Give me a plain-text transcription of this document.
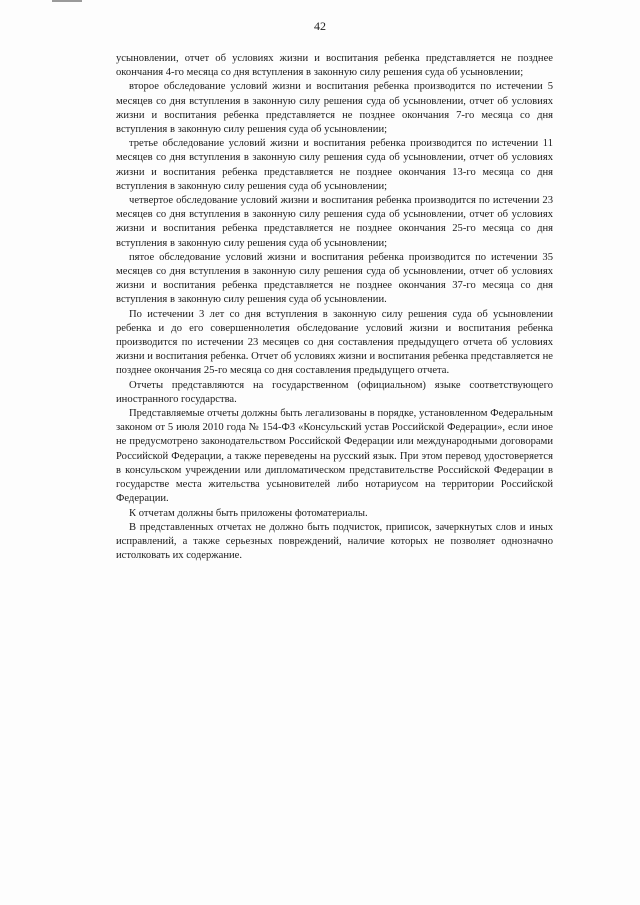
42

усыновлении, отчет об условиях жизни и воспитания ребенка представляется не позднее окончания 4-го месяца со дня вступления в законную силу решения суда об усыновлении;

второе обследование условий жизни и воспитания ребенка производится по истечении 5 месяцев со дня вступления в законную силу решения суда об усыновлении, отчет об условиях жизни и воспитания ребенка представляется не позднее окончания 7-го месяца со дня вступления в законную силу решения суда об усыновлении;

третье обследование условий жизни и воспитания ребенка производится по истечении 11 месяцев со дня вступления в законную силу решения суда об усыновлении, отчет об условиях жизни и воспитания ребенка представляется не позднее окончания 13-го месяца со дня вступления в законную силу решения суда об усыновлении;

четвертое обследование условий жизни и воспитания ребенка производится по истечении 23 месяцев со дня вступления в законную силу решения суда об усыновлении, отчет об условиях жизни и воспитания ребенка представляется не позднее окончания 25-го месяца со дня вступления в законную силу решения суда об усыновлении;

пятое обследование условий жизни и воспитания ребенка производится по истечении 35 месяцев со дня вступления в законную силу решения суда об усыновлении, отчет об условиях жизни и воспитания ребенка представляется не позднее окончания 37-го месяца со дня вступления в законную силу решения суда об усыновлении.

По истечении 3 лет со дня вступления в законную силу решения суда об усыновлении ребенка и до его совершеннолетия обследование условий жизни и воспитания ребенка производится по истечении 23 месяцев со дня составления предыдущего отчета об условиях жизни и воспитания ребенка. Отчет об условиях жизни и воспитания ребенка представляется не позднее окончания 25-го месяца со дня составления предыдущего отчета.

Отчеты представляются на государственном (официальном) языке соответствующего иностранного государства.

Представляемые отчеты должны быть легализованы в порядке, установленном Федеральным законом от 5 июля 2010 года № 154-ФЗ «Консульский устав Российской Федерации», если иное не предусмотрено законодательством Российской Федерации или международными договорами Российской Федерации, а также переведены на русский язык. При этом перевод удостоверяется в консульском учреждении или дипломатическом представительстве Российской Федерации в государстве места жительства усыновителей либо нотариусом на территории Российской Федерации.

К отчетам должны быть приложены фотоматериалы.

В представленных отчетах не должно быть подчисток, приписок, зачеркнутых слов и иных исправлений, а также серьезных повреждений, наличие которых не позволяет однозначно истолковать их содержание.
